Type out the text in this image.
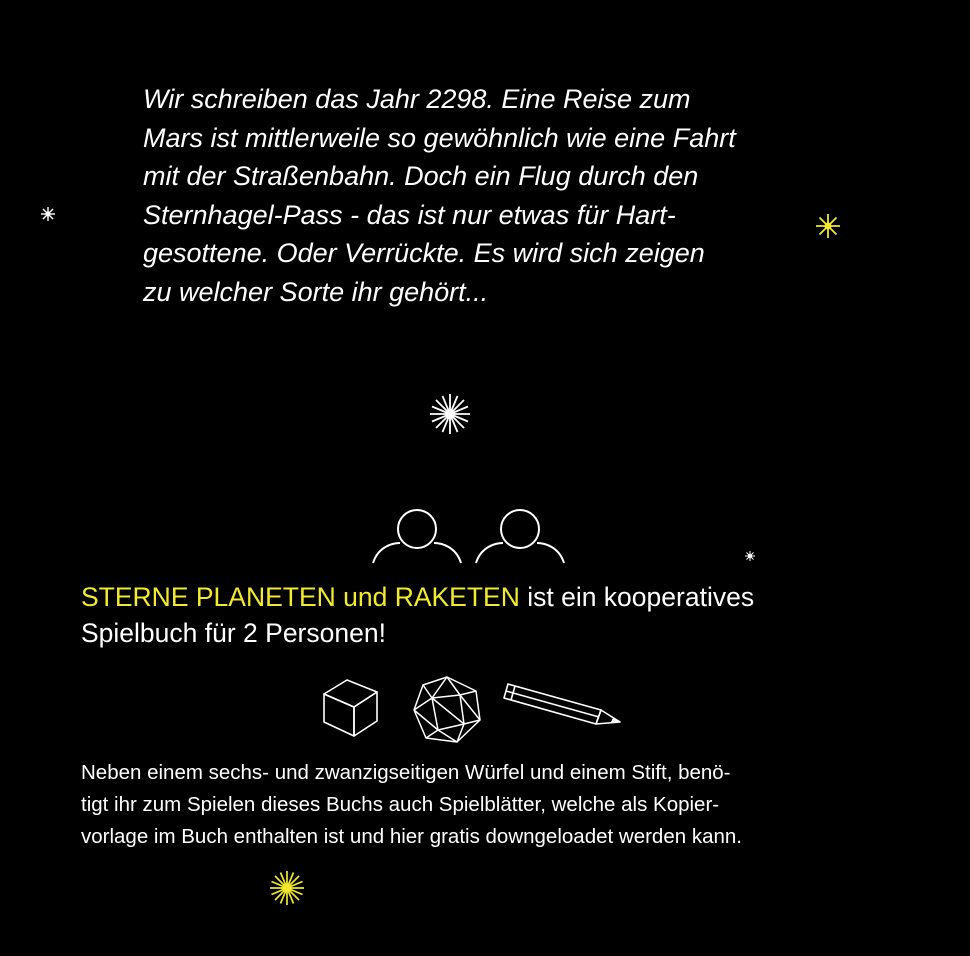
Wir schreiben das Jahr 2298. Eine Reise zum
Mars ist mittlerweile so gewöhnlich wie eine Fahrt
mit der Straßenbahn. Doch ein Flug durch den
Sternhagel-Pass - das ist nur etwas für Hart-
gesottene. Oder Verrückte. Es wird sich zeigen
zu welcher Sorte ihr gehört...
STERNE PLANETEN und RAKETEN ist ein kooperatives
Spielbuch für 2 Personen!
Neben einem sechs- und zwanzigseitigen Würfel und einem Stift, benö-
tigt ihr zum Spielen dieses Buchs auch Spielblätter, welche als Kopier-
vorlage im Buch enthalten ist und hier gratis downgeloadet werden kann.
